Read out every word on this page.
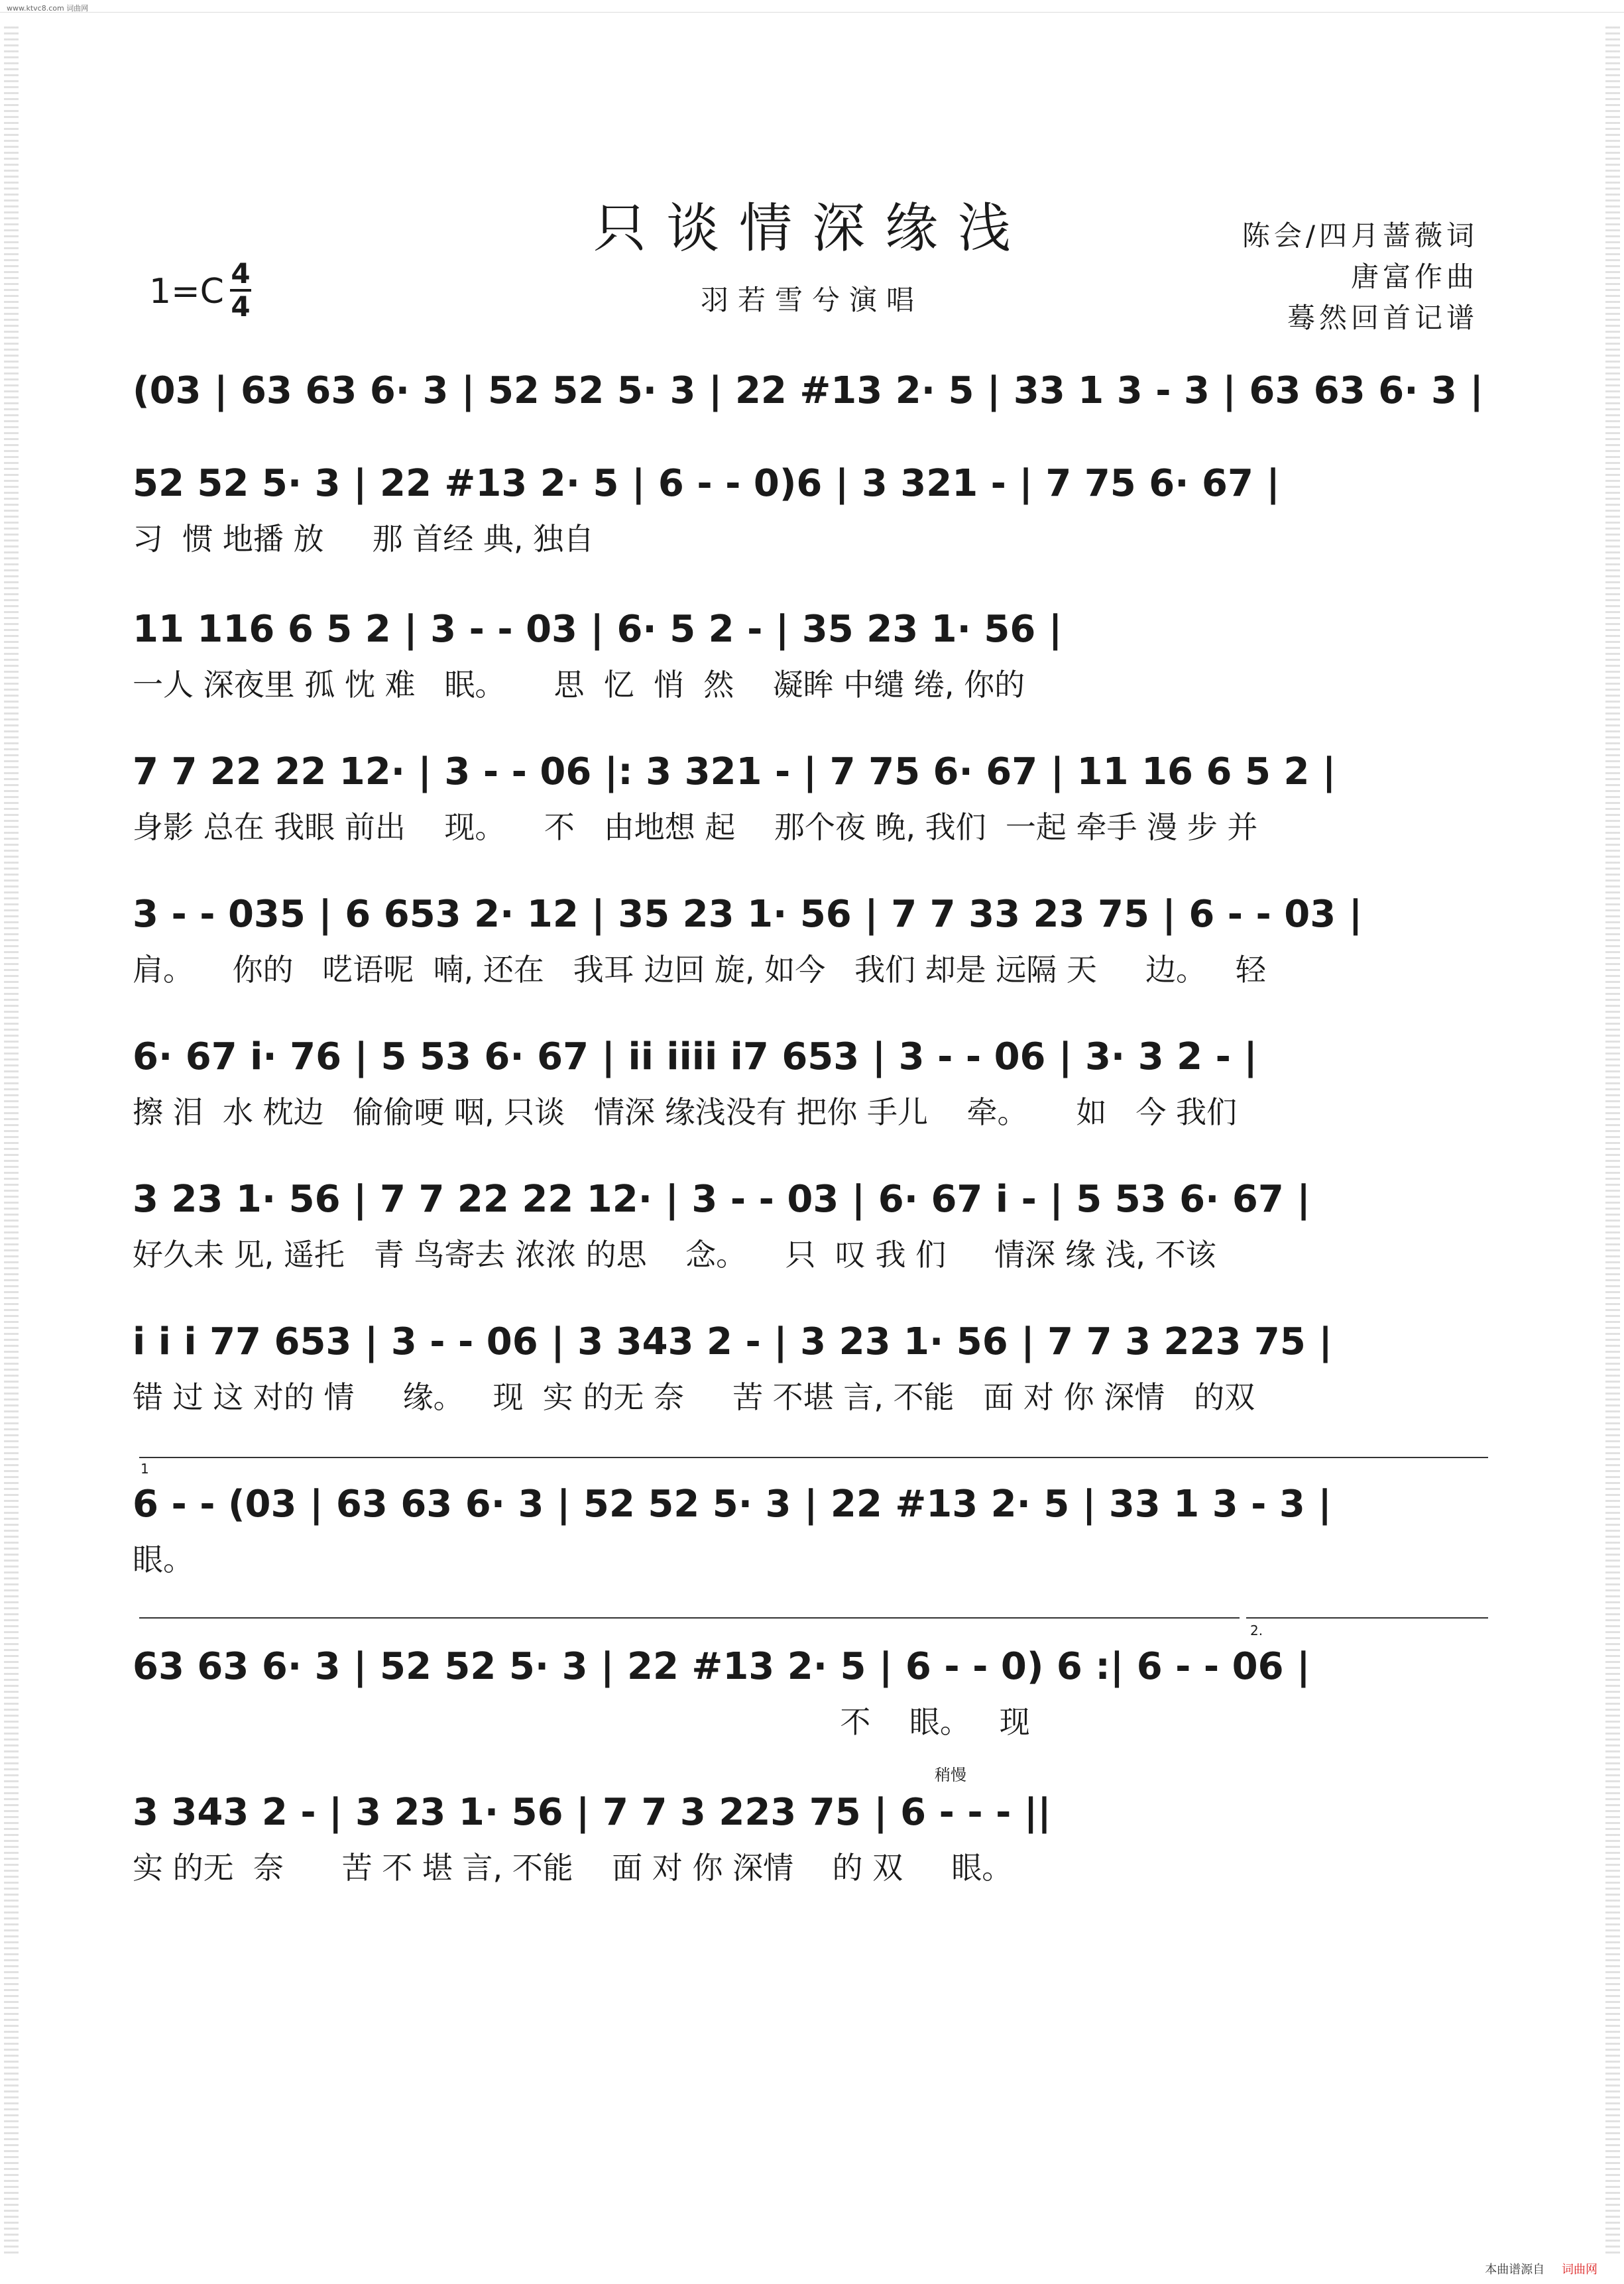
www.ktvc8.com 词曲网
只谈情深缘浅
1=C 4
4	羽若雪兮演唱
陈会/四月蔷薇词
唐富作曲
蓦然回首记谱
(03 | 63 63 6· 3 | 52 52 5· 3 | 22 #13 2· 5 | 33 1 3 - 3 | 63 63 6· 3 |
52 52 5· 3 | 22 #13 2· 5 | 6 - - 0)6 | 3 321 - | 7 75 6· 67 |
习  惯 地播 放     那 首经 典, 独自
11 116 6 5 2 | 3 - - 03 | 6· 5 2 - | 35 23 1· 56 |
一人 深夜里 孤 忱 难   眠。     思  忆  悄  然    凝眸 中缱 绻, 你的
7 7 22 22 12· | 3 - - 06 |: 3 321 - | 7 75 6· 67 | 11 16 6 5 2 |
身影 总在 我眼 前出    现。    不   由地想 起    那个夜 晚, 我们  一起 牵手 漫 步 并
3 - - 035 | 6 653 2· 12 | 35 23 1· 56 | 7 7 33 23 75 | 6 - - 03 |
肩。    你的   呓语呢  喃, 还在   我耳 边回 旋, 如今   我们 却是 远隔 天     边。   轻
6· 67 i· 76 | 5 53 6· 67 | ii iiii i7 653 | 3 - - 06 | 3· 3 2 - |
擦 泪  水 枕边   偷偷哽 咽, 只谈   情深 缘浅没有 把你 手儿    牵。     如   今 我们
3 23 1· 56 | 7 7 22 22 12· | 3 - - 03 | 6· 67 i - | 5 53 6· 67 |
好久未 见, 遥托   青 鸟寄去 浓浓 的思    念。    只  叹 我 们     情深 缘 浅, 不该
i i i 77 653 | 3 - - 06 | 3 343 2 - | 3 23 1· 56 | 7 7 3 223 75 |
错 过 这 对的 情     缘。   现  实 的无 奈     苦 不堪 言, 不能   面 对 你 深情   的双
1
6 - - (03 | 63 63 6· 3 | 52 52 5· 3 | 22 #13 2· 5 | 33 1 3 - 3 |
眼。
2.
63 63 6· 3 | 52 52 5· 3 | 22 #13 2· 5 | 6 - - 0) 6 :| 6 - - 06 |
不    眼。   现
稍慢
3 343 2 - | 3 23 1· 56 | 7 7 3 223 75 | 6 - - - ||
实 的无  奈      苦 不 堪 言, 不能    面 对 你 深情    的 双     眼。
本曲谱源自 词曲网
